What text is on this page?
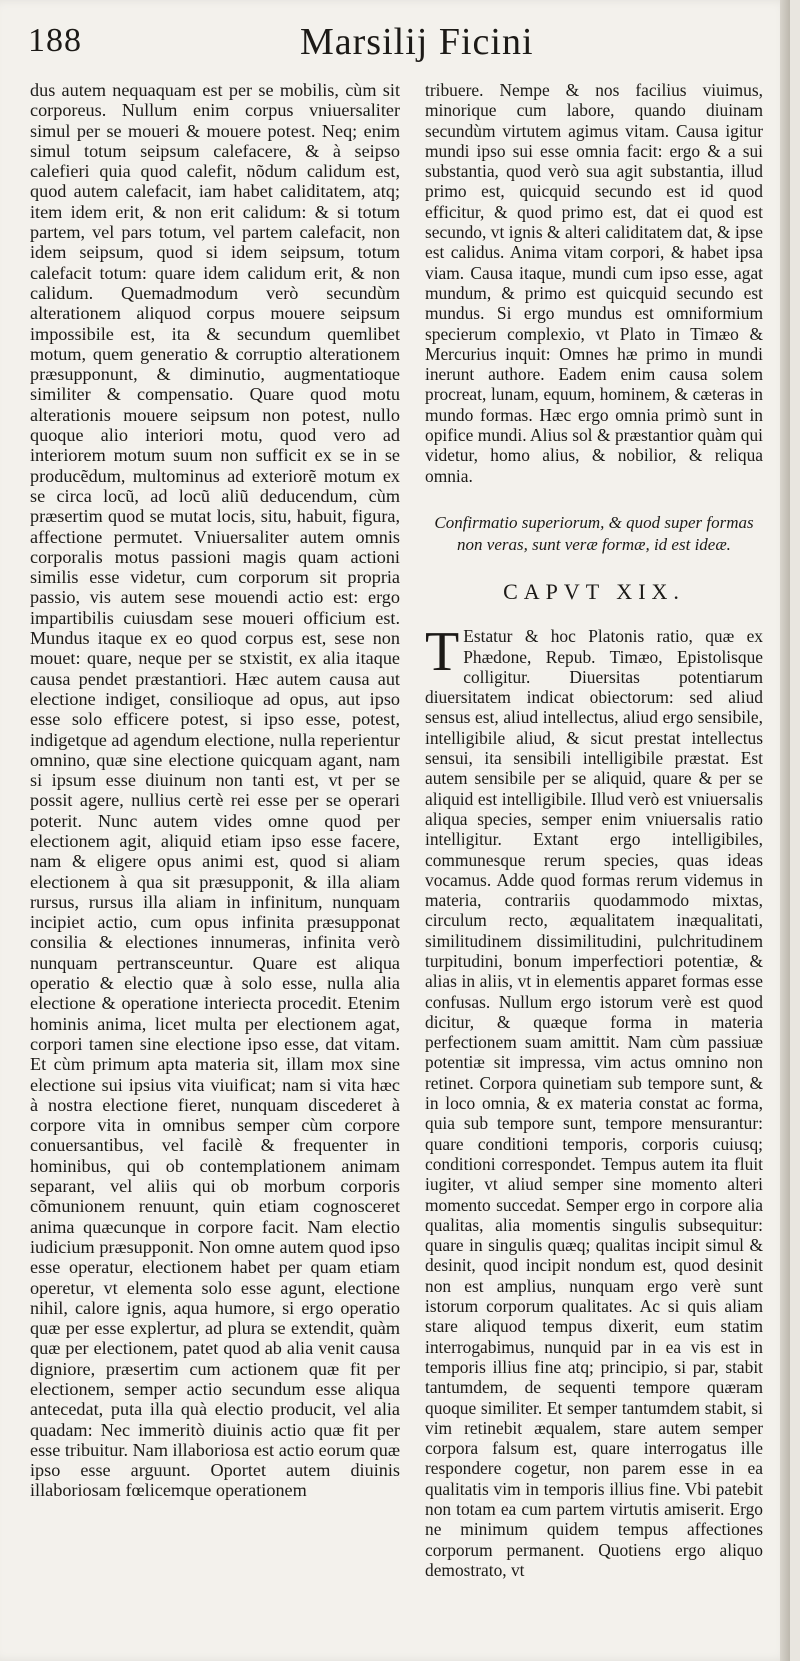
188	Marsilij Ficini

dus autem nequaquam est per se mobilis, cùm sit corporeus. Nullum enim corpus vniuersaliter simul per se moueri & mouere potest. Neq; enim simul totum seipsum calefacere, & à seipso calefieri quia quod calefit, nõdum calidum est, quod autem calefacit, iam habet caliditatem, atq; item idem erit, & non erit calidum: & si totum partem, vel pars totum, vel partem calefacit, non idem seipsum, quod si idem seipsum, totum calefacit totum: quare idem calidum erit, & non calidum. Quemadmodum verò secundùm alterationem aliquod corpus mouere seipsum impossibile est, ita & secundum quemlibet motum, quem generatio & corruptio alterationem præsupponunt, & diminutio, augmentatioque similiter & compensatio. Quare quod motu alterationis mouere seipsum non potest, nullo quoque alio interiori motu, quod vero ad interiorem motum suum non sufficit ex se in se producẽdum, multominus ad exteriorẽ motum ex se circa locũ, ad locũ aliũ deducendum, cùm præsertim quod se mutat locis, situ, habuit, figura, affectione permutet. Vniuersaliter autem omnis corporalis motus passioni magis quam actioni similis esse videtur, cum corporum sit propria passio, vis autem sese mouendi actio est: ergo impartibilis cuiusdam sese moueri officium est. Mundus itaque ex eo quod corpus est, sese non mouet: quare, neque per se stxistit, ex alia itaque causa pendet præstantiori. Hæc autem causa aut electione indiget, consilioque ad opus, aut ipso esse solo efficere potest, si ipso esse, potest, indigetque ad agendum electione, nulla reperientur omnino, quæ sine electione quicquam agant, nam si ipsum esse diuinum non tanti est, vt per se possit agere, nullius certè rei esse per se operari poterit. Nunc autem vides omne quod per electionem agit, aliquid etiam ipso esse facere, nam & eligere opus animi est, quod si aliam electionem à qua sit præsupponit, & illa aliam rursus, rursus illa aliam in infinitum, nunquam incipiet actio, cum opus infinita præsupponat consilia & electiones innumeras, infinita verò nunquam pertransceuntur. Quare est aliqua operatio & electio quæ à solo esse, nulla alia electione & operatione interiecta procedit. Etenim hominis anima, licet multa per electionem agat, corpori tamen sine electione ipso esse, dat vitam. Et cùm primum apta materia sit, illam mox sine electione sui ipsius vita viuificat; nam si vita hæc à nostra electione fieret, nunquam discederet à corpore vita in omnibus semper cùm corpore conuersantibus, vel facilè & frequenter in hominibus, qui ob contemplationem animam separant, vel aliis qui ob morbum corporis cõmunionem renuunt, quin etiam cognosceret anima quæcunque in corpore facit. Nam electio iudicium præsupponit. Non omne autem quod ipso esse operatur, electionem habet per quam etiam operetur, vt elementa solo esse agunt, electione nihil, calore ignis, aqua humore, si ergo operatio quæ per esse explertur, ad plura se extendit, quàm quæ per electionem, patet quod ab alia venit causa digniore, præsertim cum actionem quæ fit per electionem, semper actio secundum esse aliqua antecedat, puta illa quà electio producit, vel alia quadam: Nec immeritò diuinis actio quæ fit per esse tribuitur. Nam illaboriosa est actio eorum quæ ipso esse arguunt. Oportet autem diuinis illaboriosam fœlicemque operationem

tribuere. Nempe & nos facilius viuimus, minorique cum labore, quando diuinam secundùm virtutem agimus vitam. Causa igitur mundi ipso sui esse omnia facit: ergo & a sui substantia, quod verò sua agit substantia, illud primo est, quicquid secundo est id quod efficitur, & quod primo est, dat ei quod est secundo, vt ignis & alteri caliditatem dat, & ipse est calidus. Anima vitam corpori, & habet ipsa viam. Causa itaque, mundi cum ipso esse, agat mundum, & primo est quicquid secundo est mundus. Si ergo mundus est omniformium specierum complexio, vt Plato in Timæo & Mercurius inquit: Omnes hæ primo in mundi inerunt authore. Eadem enim causa solem procreat, lunam, equum, hominem, & cæteras in mundo formas. Hæc ergo omnia primò sunt in opifice mundi. Alius sol & præstantior quàm qui videtur, homo alius, & nobilior, & reliqua omnia.

Confirmatio superiorum, & quod super formas non veras, sunt veræ formæ, id est ideæ.
CAPVT XIX.

T Estatur & hoc Platonis ratio, quæ ex Phædone, Repub. Timæo, Epistolisque colligitur. Diuersitas potentiarum diuersitatem indicat obiectorum: sed aliud sensus est, aliud intellectus, aliud ergo sensibile, intelligibile aliud, & sicut prestat intellectus sensui, ita sensibili intelligibile præstat. Est autem sensibile per se aliquid, quare & per se aliquid est intelligibile. Illud verò est vniuersalis aliqua species, semper enim vniuersalis ratio intelligitur. Extant ergo intelligibiles, communesque rerum species, quas ideas vocamus. Adde quod formas rerum videmus in materia, contrariis quodammodo mixtas, circulum recto, æqualitatem inæqualitati, similitudinem dissimilitudini, pulchritudinem turpitudini, bonum imperfectiori potentiæ, & alias in aliis, vt in elementis apparet formas esse confusas. Nullum ergo istorum verè est quod dicitur, & quæque forma in materia perfectionem suam amittit. Nam cùm passiuæ potentiæ sit impressa, vim actus omnino non retinet. Corpora quinetiam sub tempore sunt, & in loco omnia, & ex materia constat ac forma, quia sub tempore sunt, tempore mensurantur: quare conditioni temporis, corporis cuiusq; conditioni correspondet. Tempus autem ita fluit iugiter, vt aliud semper sine momento alteri momento succedat. Semper ergo in corpore alia qualitas, alia momentis singulis subsequitur: quare in singulis quæq; qualitas incipit simul & desinit, quod incipit nondum est, quod desinit non est amplius, nunquam ergo verè sunt istorum corporum qualitates. Ac si quis aliam stare aliquod tempus dixerit, eum statim interrogabimus, nunquid par in ea vis est in temporis illius fine atq; principio, si par, stabit tantumdem, de sequenti tempore quæram quoque similiter. Et semper tantumdem stabit, si vim retinebit æqualem, stare autem semper corpora falsum est, quare interrogatus ille respondere cogetur, non parem esse in ea qualitatis vim in temporis illius fine. Vbi patebit non totam ea cum partem virtutis amiserit. Ergo ne minimum quidem tempus affectiones corporum permanent. Quotiens ergo aliquo demostrato, vt
